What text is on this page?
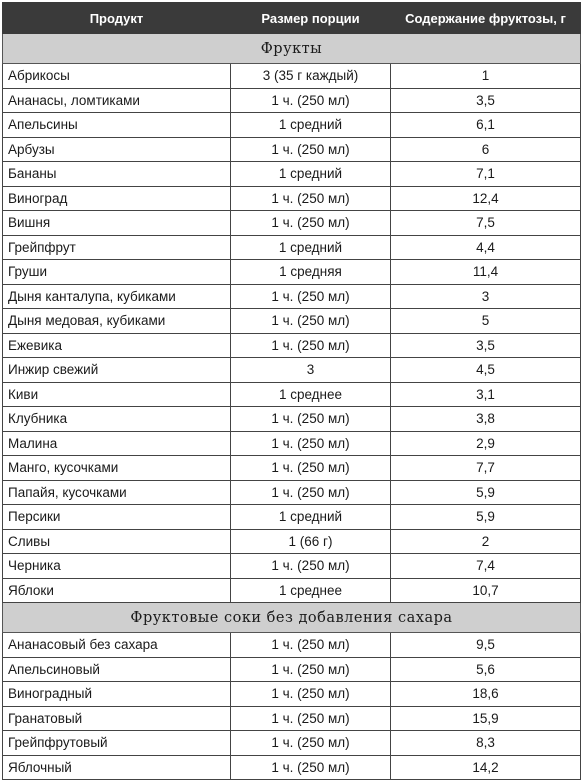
Продукт	Размер порции	Содержание фруктозы, г
Фрукты		
Абрикосы	3 (35 г каждый)	1
Ананасы, ломтиками	1 ч. (250 мл)	3,5
Апельсины	1 средний	6,1
Арбузы	1 ч. (250 мл)	6
Бананы	1 средний	7,1
Виноград	1 ч. (250 мл)	12,4
Вишня	1 ч. (250 мл)	7,5
Грейпфрут	1 средний	4,4
Груши	1 средняя	11,4
Дыня канталупа, кубиками	1 ч. (250 мл)	3
Дыня медовая, кубиками	1 ч. (250 мл)	5
Ежевика	1 ч. (250 мл)	3,5
Инжир свежий	3	4,5
Киви	1 среднее	3,1
Клубника	1 ч. (250 мл)	3,8
Малина	1 ч. (250 мл)	2,9
Манго, кусочками	1 ч. (250 мл)	7,7
Папайя, кусочками	1 ч. (250 мл)	5,9
Персики	1 средний	5,9
Сливы	1 (66 г)	2
Черника	1 ч. (250 мл)	7,4
Яблоки	1 среднее	10,7
Фруктовые соки без добавления сахара		
Ананасовый без сахара	1 ч. (250 мл)	9,5
Апельсиновый	1 ч. (250 мл)	5,6
Виноградный	1 ч. (250 мл)	18,6
Гранатовый	1 ч. (250 мл)	15,9
Грейпфрутовый	1 ч. (250 мл)	8,3
Яблочный	1 ч. (250 мл)	14,2
